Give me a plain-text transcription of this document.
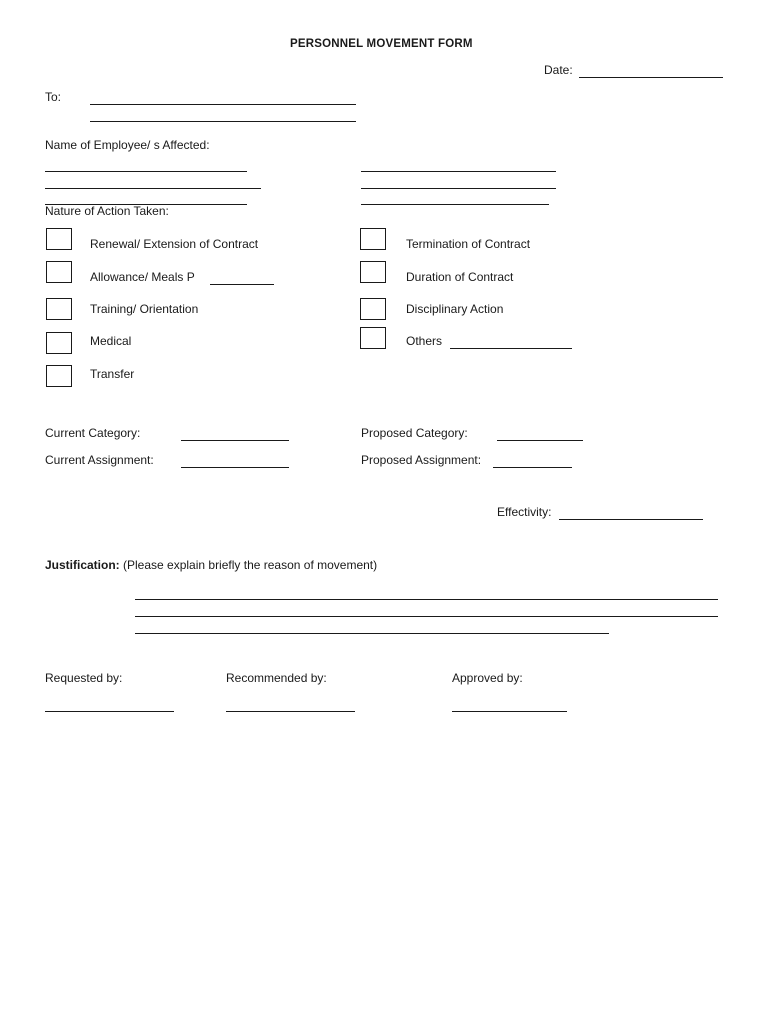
PERSONNEL MOVEMENT FORM
Date:
To:
Name of Employee/ s Affected:
Nature of Action Taken:
Renewal/ Extension of Contract
Allowance/ Meals P
Training/ Orientation
Medical
Transfer
Termination of Contract
Duration of Contract
Disciplinary Action
Others
Current Category:	Proposed Category:
Current Assignment:	Proposed Assignment:
Effectivity:
Justification: (Please explain briefly the reason of movement)
Requested by:	Recommended by:	Approved by:
